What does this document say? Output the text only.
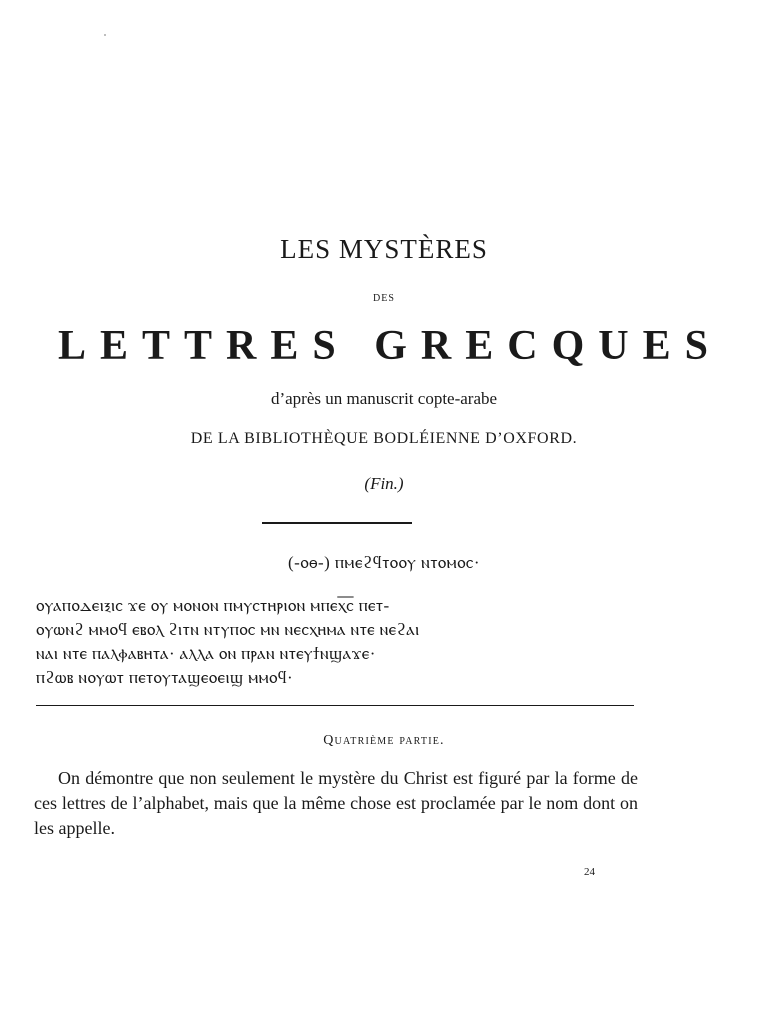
LES MYSTÈRES
DES
LETTRES GRECQUES
d’après un manuscrit copte-arabe
DE LA BIBLIOTHÈQUE BODLÉIENNE D’OXFORD.
(Fin.)
(-ⲟⲑ-) ⲡⲙⲉϩϥⲧⲟⲟⲩ ⲛⲧⲟⲙⲟⲥ·
ⲟⲩⲁⲡⲟⲇⲉⲓⲝⲓⲥ ϫⲉ ⲟⲩ ⲙⲟⲛⲟⲛ ⲡⲙⲩⲥⲧⲏⲣⲓⲟⲛ ⲙⲡⲉⲭ︦ⲥ︦ ⲡⲉⲧ-
ⲟⲩⲱⲛϩ ⲙⲙⲟϥ ⲉⲃⲟⲗ ϩⲓⲧⲛ ⲛⲧⲩⲡⲟⲥ ⲙⲛ ⲛⲉⲥⲭⲏⲙⲁ ⲛⲧⲉ ⲛⲉϩⲁⲓ
ⲛⲁⲓ ⲛⲧⲉ ⲡⲁⲗⲫⲁⲃⲏⲧⲁ· ⲁⲗⲗⲁ ⲟⲛ ⲡⲣⲁⲛ ⲛⲧⲉⲩϯⲛϣⲁϫⲉ·
ⲡϩⲱⲃ ⲛⲟⲩⲱⲧ ⲡⲉⲧⲟⲩⲧⲁϣⲉⲟⲉⲓϣ ⲙⲙⲟϥ·
Quatrième partie.
On démontre que non seulement le mystère du Christ est figuré par la forme de ces lettres de l’alphabet, mais que la même chose est proclamée par le nom dont on les appelle.
24
